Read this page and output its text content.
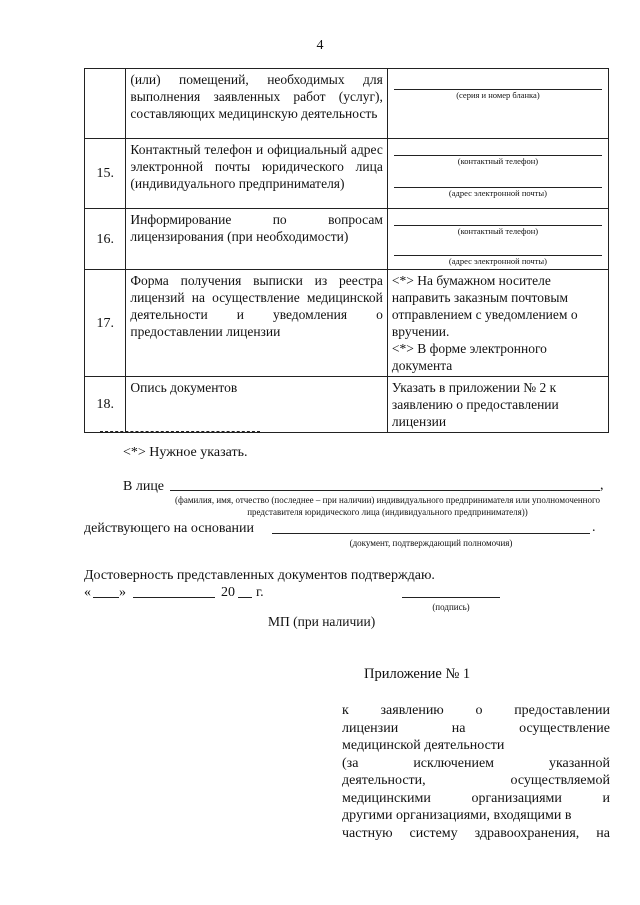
4
	(или) помещений, необходимых для выполнения заявленных работ (услуг), составляющих медицинскую деятельность	(серия и номер бланка)

15.	Контактный телефон и официальный адрес электронной почты юридического лица (индивидуального предпринимателя)	(контактный телефон)
(адрес электронной почты)

16.	Информирование по вопросам лицензирования (при необходимости)	(контактный телефон)
(адрес электронной почты)

17.	Форма получения выписки из реестра лицензий на осуществление медицинской деятельности и уведомления о предоставлении лицензии	<*> На бумажном носителе направить заказным почтовым отправлением с уведомлением о вручении.
<*> В форме электронного документа

18.	Опись документов	Указать в приложении № 2 к заявлению о предоставлении лицензии
<*> Нужное указать.
В лице	,
(фамилия, имя, отчество (последнее – при наличии) индивидуального предпринимателя или уполномоченного представителя юридического лица (индивидуального предпринимателя))
действующего на основании	.
(документ, подтверждающий полномочия)
Достоверность представленных документов подтверждаю.
« »	20 г.
(подпись)
МП (при наличии)
Приложение № 1
к заявлению о предоставлении
лицензии	на	осуществление
медицинской деятельности
(за	исключением	указанной
деятельности,	осуществляемой
медицинскими	организациями	и
другими организациями, входящими в
частную систему здравоохранения, на
